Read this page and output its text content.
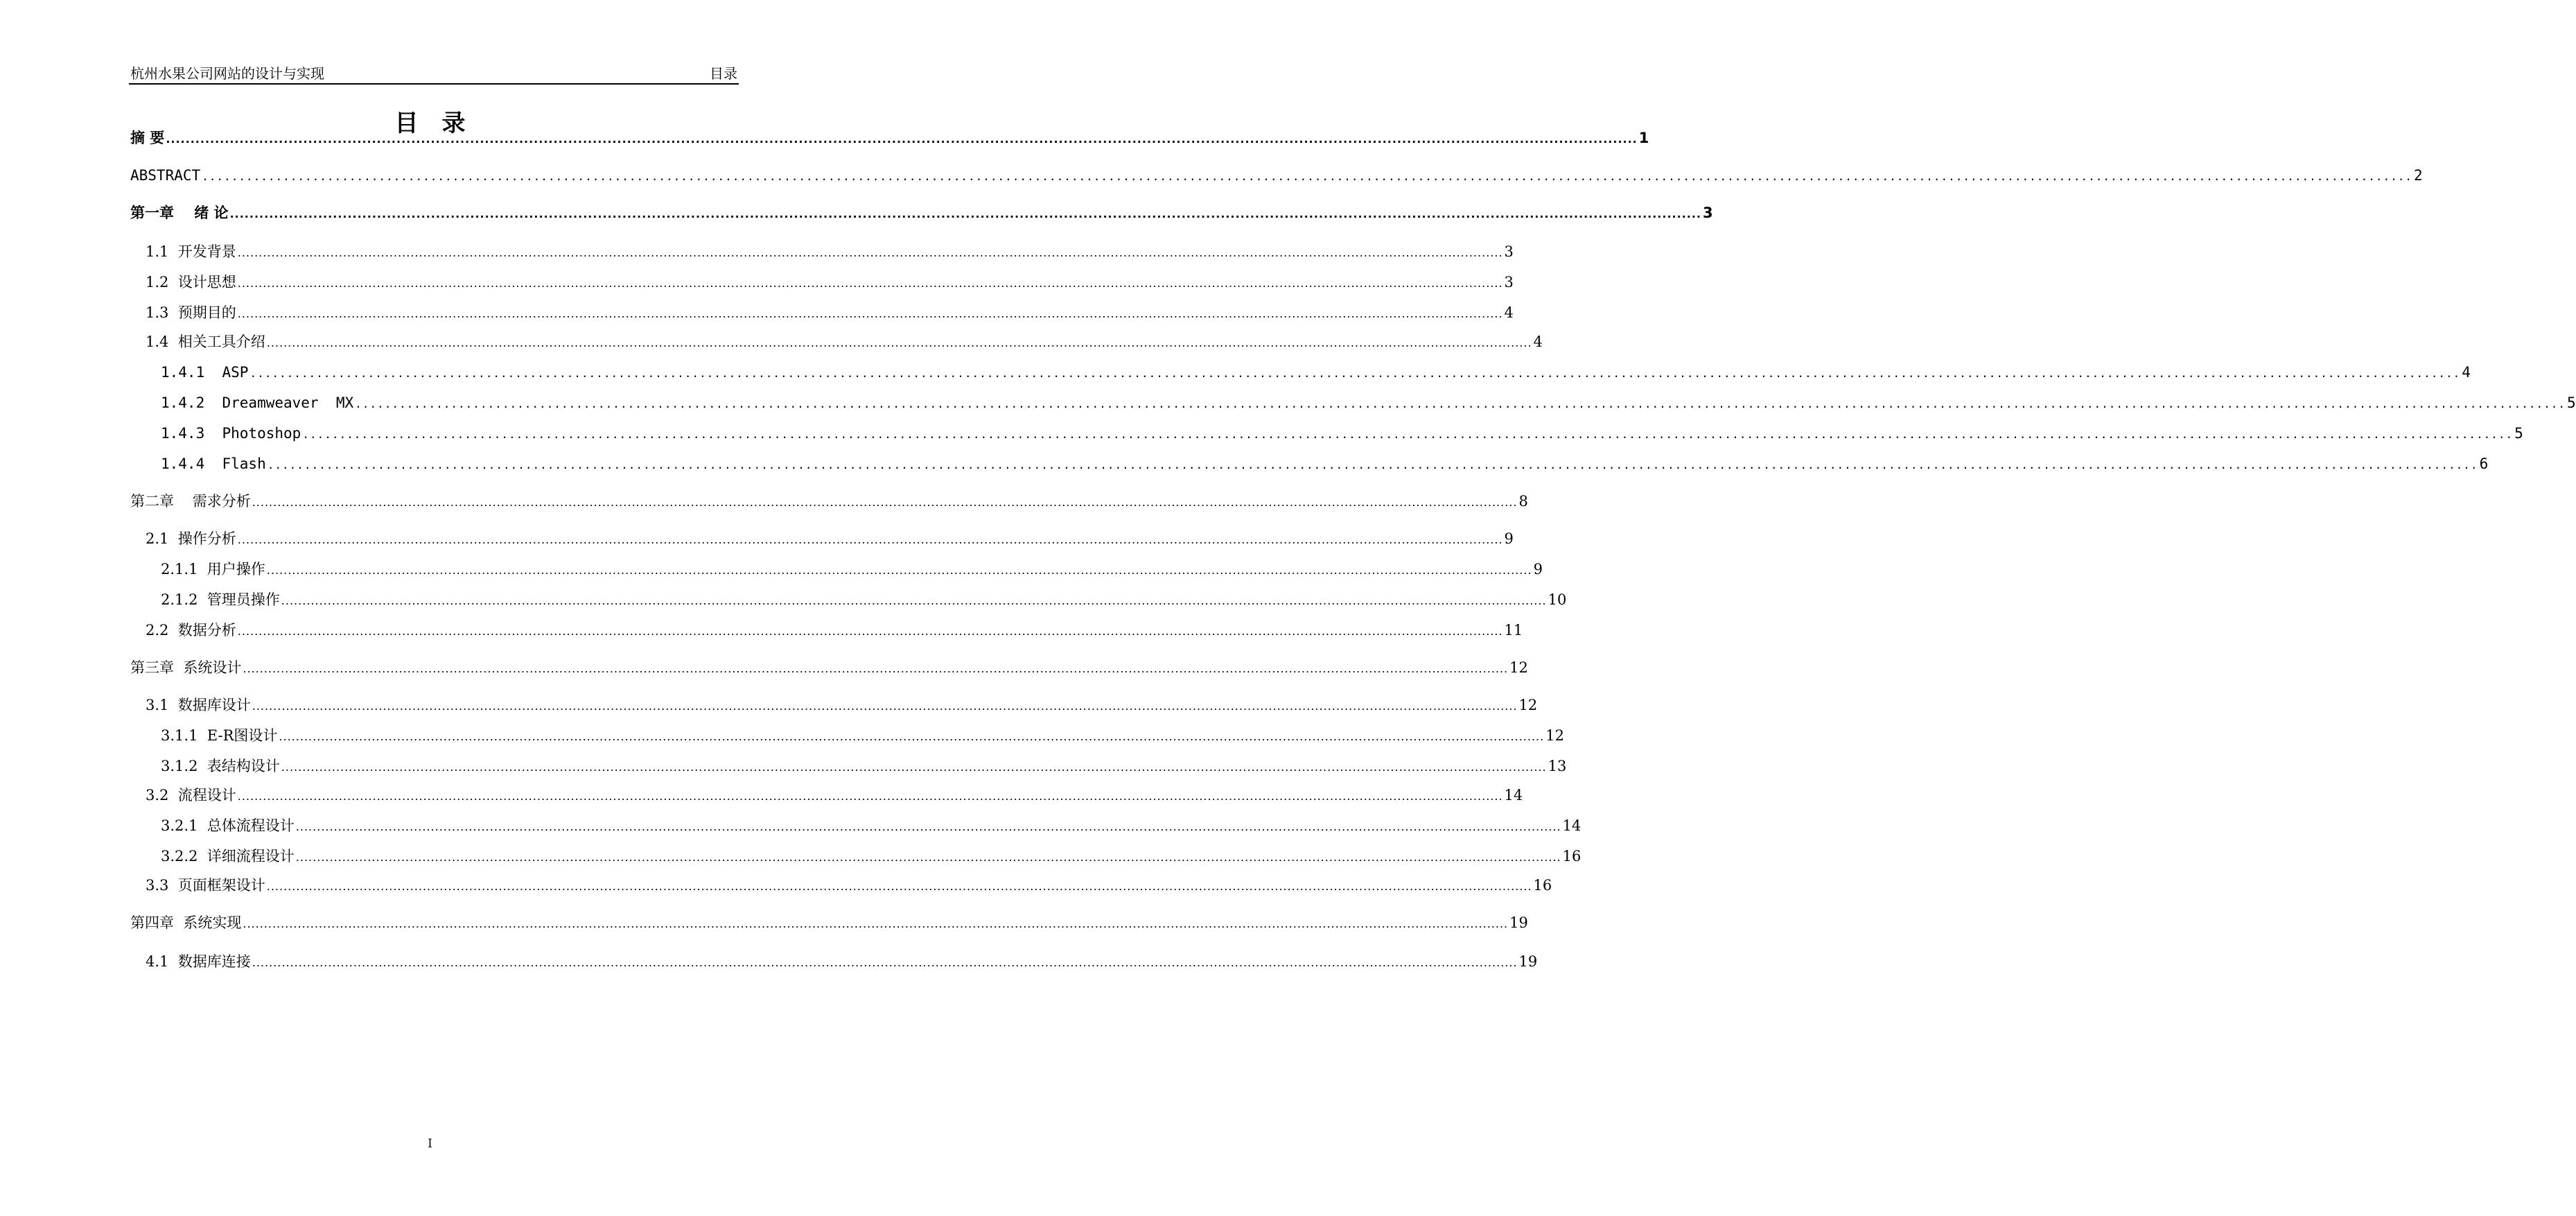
杭州水果公司网站的设计与实现	目录
目录
摘 要 ............................................................................................................................................................................................................................................................................................................ 1
ABSTRACT ............................................................................................................................................................................................................................................................................................................ 2
第一章    绪 论 ............................................................................................................................................................................................................................................................................................................ 3
1.1  开发背景 ............................................................................................................................................................................................................................................................................................................ 3
1.2  设计思想 ............................................................................................................................................................................................................................................................................................................ 3
1.3  预期目的 ............................................................................................................................................................................................................................................................................................................ 4
1.4  相关工具介绍 ............................................................................................................................................................................................................................................................................................................ 4
1.4.1  ASP ............................................................................................................................................................................................................................................................................................................ 4
1.4.2  Dreamweaver  MX ............................................................................................................................................................................................................................................................................................................ 5
1.4.3  Photoshop ............................................................................................................................................................................................................................................................................................................ 5
1.4.4  Flash ............................................................................................................................................................................................................................................................................................................ 6
第二章    需求分析 ............................................................................................................................................................................................................................................................................................................ 8
2.1  操作分析 ............................................................................................................................................................................................................................................................................................................ 9
2.1.1  用户操作 ............................................................................................................................................................................................................................................................................................................ 9
2.1.2  管理员操作 ............................................................................................................................................................................................................................................................................................................ 10
2.2  数据分析 ............................................................................................................................................................................................................................................................................................................ 11
第三章  系统设计 ............................................................................................................................................................................................................................................................................................................ 12
3.1  数据库设计 ............................................................................................................................................................................................................................................................................................................ 12
3.1.1  E-R图设计 ............................................................................................................................................................................................................................................................................................................ 12
3.1.2  表结构设计 ............................................................................................................................................................................................................................................................................................................ 13
3.2  流程设计 ............................................................................................................................................................................................................................................................................................................ 14
3.2.1  总体流程设计 ............................................................................................................................................................................................................................................................................................................ 14
3.2.2  详细流程设计 ............................................................................................................................................................................................................................................................................................................ 16
3.3  页面框架设计 ............................................................................................................................................................................................................................................................................................................ 16
第四章  系统实现 ............................................................................................................................................................................................................................................................................................................ 19
4.1  数据库连接 ............................................................................................................................................................................................................................................................................................................ 19
I
